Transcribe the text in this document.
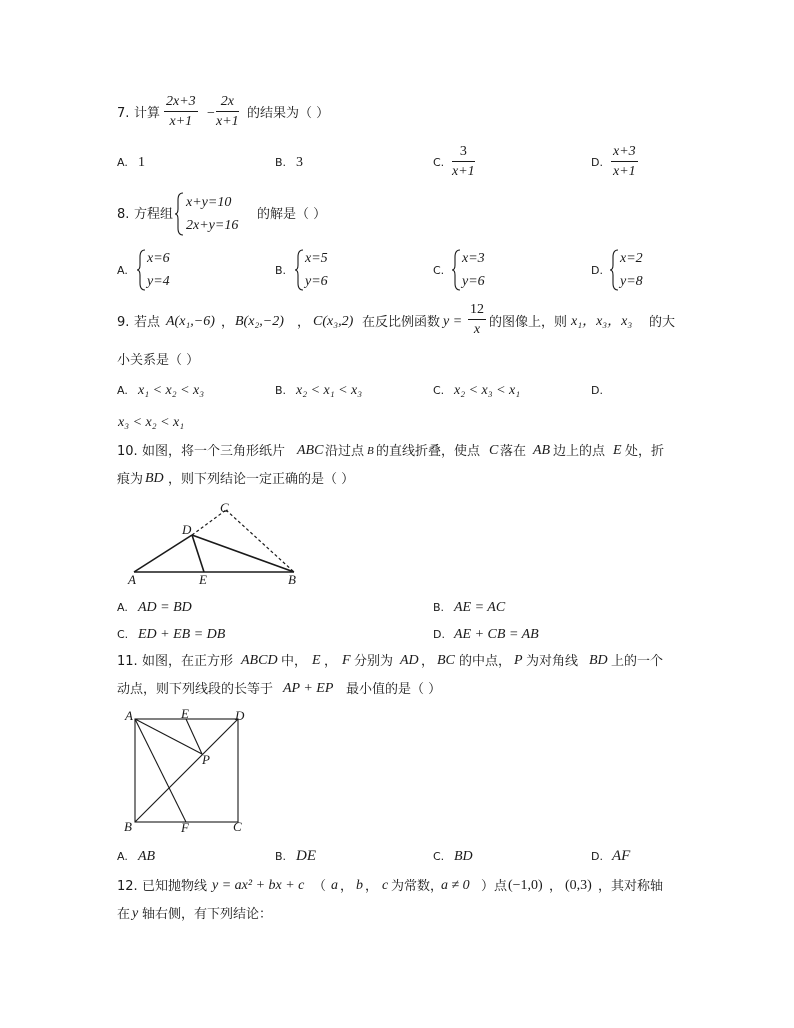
7. 计算 $\frac{2x+3}{x+1} - \frac{2x}{x+1}$ 的结果为（ ）
A. 1	B. 3	C. $\frac{3}{x+1}$	D. $\frac{x+3}{x+1}$
8. 方程组
x+y=10
2x+y=16
的解是（ ）
A.
x=6
y=4
B.
x=5
y=6
C.
x=3
y=6
D.
x=2
y=8
9. 若点 A(x₁,−6) ， B(x₂,−2) ， C(x₃,2) 在反比例函数 $y = \frac{12}{x}$ 的图像上，则 x₁，x₃，x₃ 的大
小关系是（ ）
A. x₁ < x₂ < x₃	B. x₂ < x₁ < x₃	C. x₂ < x₃ < x₁	D.
x₃ < x₂ < x₁
10. 如图，将一个三角形纸片 ABC 沿过点 B 的直线折叠，使点 C 落在 AB 边上的点 E 处，折
痕为 BD ，则下列结论一定正确的是（ ）
A	B
C
D
E
A. AD = BD	B. AE = AC
C. ED + EB = DB	D. AE + CB = AB
11. 如图，在正方形 ABCD 中， E ， F 分别为 AD ， BC 的中点， P 为对角线 BD 上的一个
动点，则下列线段的长等于 AP + EP 最小值的是（ ）
A	E	D
P
B	F	C
A. AB	B. DE	C. BD	D. AF
12. 已知抛物线 y = ax² + bx + c （ a ， b ， c 为常数，
a ≠ 0 ）点 (−1,0) ， (0,3) ，其对称轴
在 y 轴右侧，有下列结论：
